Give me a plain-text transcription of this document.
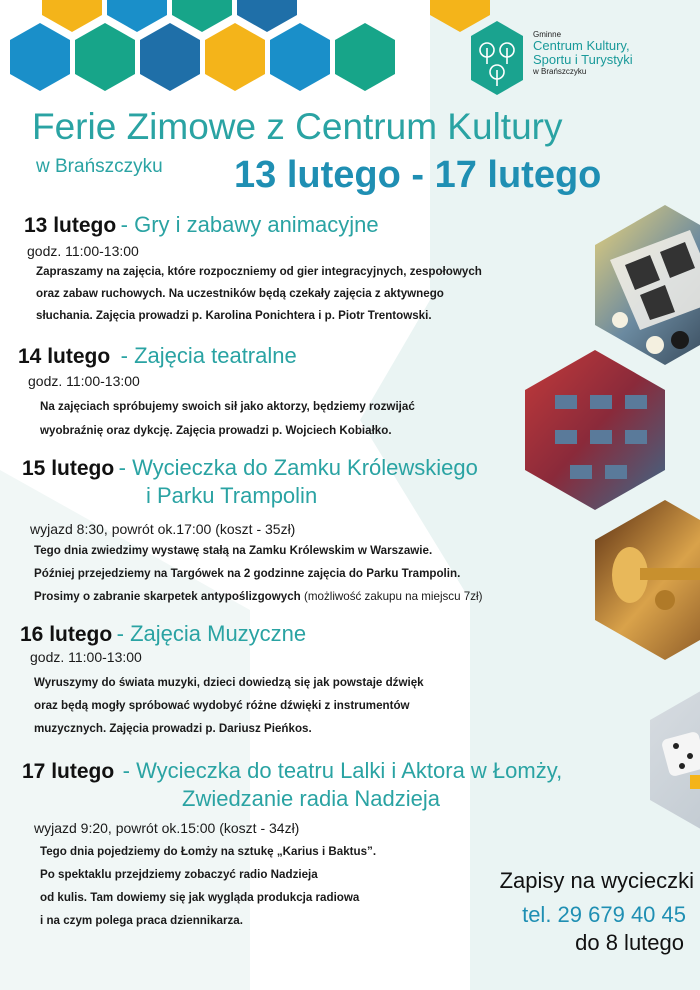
Gminne
Centrum Kultury,
Sportu i Turystyki
w Brańszczyku
Ferie Zimowe z Centrum Kultury
w Brańszczyku 13 lutego - 17 lutego
13 lutego - Gry i zabawy animacyjne
godz. 11:00-13:00
Zapraszamy na zajęcia, które rozpoczniemy od gier integracyjnych, zespołowych
oraz zabaw ruchowych. Na uczestników będą czekały zajęcia z aktywnego
słuchania. Zajęcia prowadzi p. Karolina Ponichtera i p. Piotr Trentowski.
14 lutego - Zajęcia teatralne
godz. 11:00-13:00
Na zajęciach spróbujemy swoich sił jako aktorzy, będziemy rozwijać
wyobraźnię oraz dykcję. Zajęcia prowadzi p. Wojciech Kobiałko.
15 lutego - Wycieczka do Zamku Królewskiego
i Parku Trampolin
wyjazd 8:30, powrót ok.17:00 (koszt - 35zł)
Tego dnia zwiedzimy wystawę stałą na Zamku Królewskim w Warszawie.
Później przejedziemy na Targówek na 2 godzinne zajęcia do Parku Trampolin.
Prosimy o zabranie skarpetek antypoślizgowych (możliwość zakupu na miejscu 7zł)
16 lutego - Zajęcia Muzyczne
godz. 11:00-13:00
Wyruszymy do świata muzyki, dzieci dowiedzą się jak powstaje dźwięk
oraz będą mogły spróbować wydobyć różne dźwięki z instrumentów
muzycznych. Zajęcia prowadzi p. Dariusz Pieńkos.
17 lutego - Wycieczka do teatru Lalki i Aktora w Łomży,
Zwiedzanie radia Nadzieja
wyjazd 9:20, powrót ok.15:00 (koszt - 34zł)
Tego dnia pojedziemy do Łomży na sztukę „Karius i Baktus”.
Po spektaklu przejdziemy zobaczyć radio Nadzieja
od kulis. Tam dowiemy się jak wygląda produkcja radiowa
i na czym polega praca dziennikarza.
Zapisy na wycieczki
tel. 29 679 40 45
do 8 lutego
